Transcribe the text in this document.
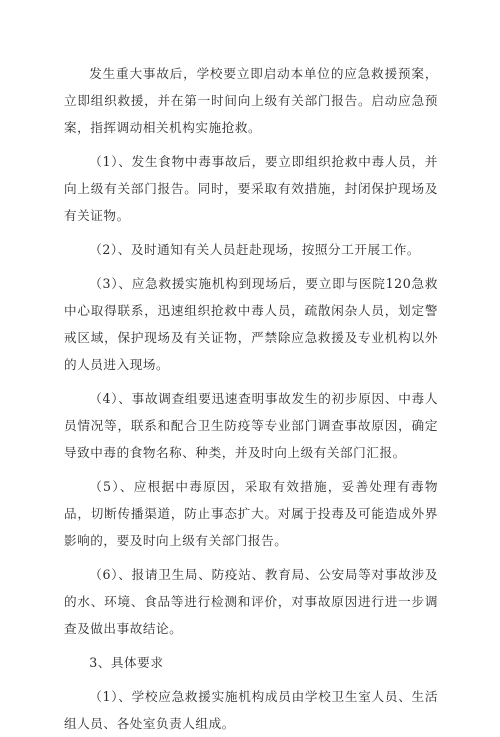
发生重大事故后，学校要立即启动本单位的应急救援预案，立即组织救援，并在第一时间向上级有关部门报告。启动应急预案，指挥调动相关机构实施抢救。

（1）、发生食物中毒事故后，要立即组织抢救中毒人员，并向上级有关部门报告。同时，要采取有效措施，封闭保护现场及有关证物。

（2）、及时通知有关人员赶赴现场，按照分工开展工作。

（3）、应急救援实施机构到现场后，要立即与医院120急救中心取得联系，迅速组织抢救中毒人员，疏散闲杂人员，划定警戒区域，保护现场及有关证物，严禁除应急救援及专业机构以外的人员进入现场。

（4）、事故调查组要迅速查明事故发生的初步原因、中毒人员情况等，联系和配合卫生防疫等专业部门调查事故原因，确定导致中毒的食物名称、种类，并及时向上级有关部门汇报。

（5）、应根据中毒原因，采取有效措施，妥善处理有毒物品，切断传播渠道，防止事态扩大。对属于投毒及可能造成外界影响的，要及时向上级有关部门报告。

（6）、报请卫生局、防疫站、教育局、公安局等对事故涉及的水、环境、食品等进行检测和评价，对事故原因进行进一步调查及做出事故结论。

3、具体要求

（1）、学校应急救援实施机构成员由学校卫生室人员、生活组人员、各处室负责人组成。
